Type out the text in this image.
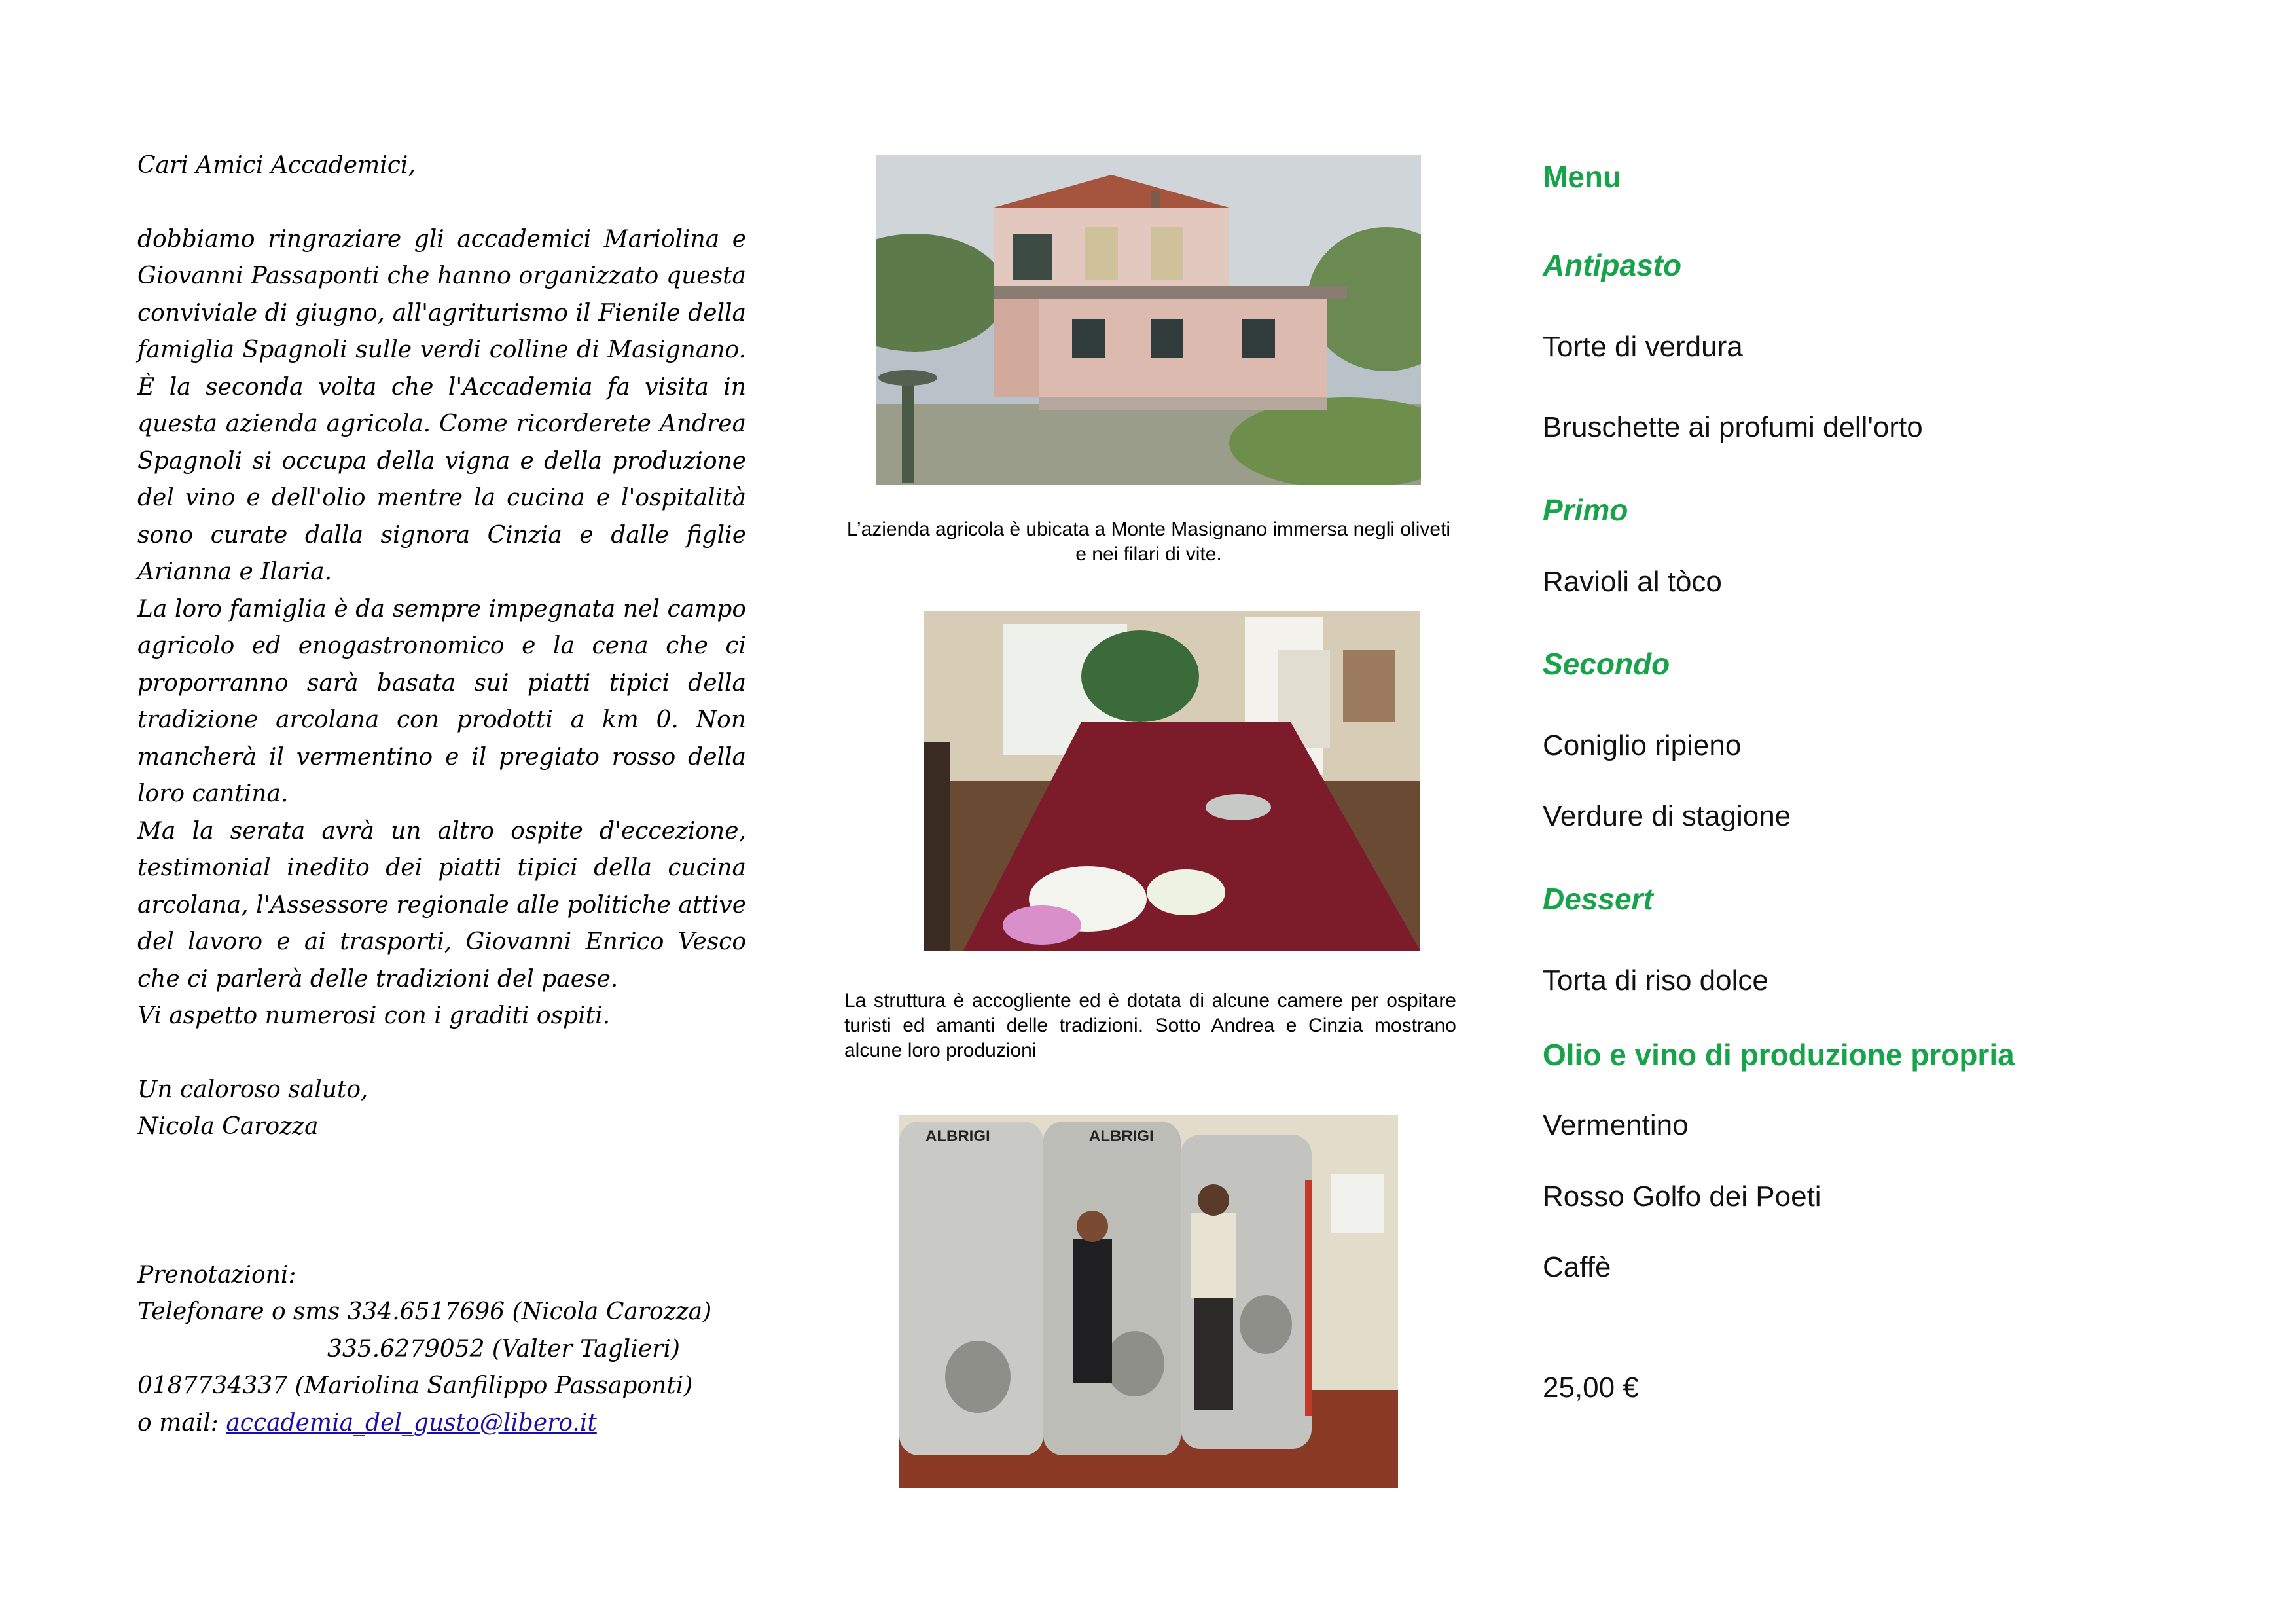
Cari Amici Accademici,

dobbiamo ringraziare gli accademici Mariolina e Giovanni Passaponti che hanno organizzato questa conviviale di giugno, all'agriturismo il Fienile della famiglia Spagnoli sulle verdi colline di Masignano. È la seconda volta che l'Accademia fa visita in questa azienda agricola. Come ricorderete Andrea Spagnoli si occupa della vigna e della produzione del vino e dell'olio mentre la cucina e l'ospitalità sono curate dalla signora Cinzia e dalle figlie Arianna e Ilaria.

La loro famiglia è da sempre impegnata nel campo agricolo ed enogastronomico e la cena che ci proporranno sarà basata sui piatti tipici della tradizione arcolana con prodotti a km 0. Non mancherà il vermentino e il pregiato rosso della loro cantina.

Ma la serata avrà un altro ospite d'eccezione, testimonial inedito dei piatti tipici della cucina arcolana, l'Assessore regionale alle politiche attive del lavoro e ai trasporti, Giovanni Enrico Vesco che ci parlerà delle tradizioni del paese.

Vi aspetto numerosi con i graditi ospiti.

Un caloroso saluto,

Nicola Carozza

Prenotazioni:

Telefonare o sms 334.6517696 (Nicola Carozza)

335.6279052 (Valter Taglieri)

0187734337 (Mariolina Sanfilippo Passaponti)

o mail: accademia_del_gusto@libero.it

L’azienda agricola è ubicata a Monte Masignano immersa negli oliveti e nei filari di vite.
La struttura è accogliente ed è dotata di alcune camere per ospitare turisti ed amanti delle tradizioni. Sotto Andrea e Cinzia mostrano alcune loro produzioni
ALBRIGI	ALBRIGI
Menu
Antipasto
Torte di verdura
Bruschette ai profumi dell'orto
Primo
Ravioli al tòco
Secondo
Coniglio ripieno
Verdure di stagione
Dessert
Torta di riso dolce
Olio e vino di produzione propria
Vermentino
Rosso Golfo dei Poeti
Caffè
25,00 €
